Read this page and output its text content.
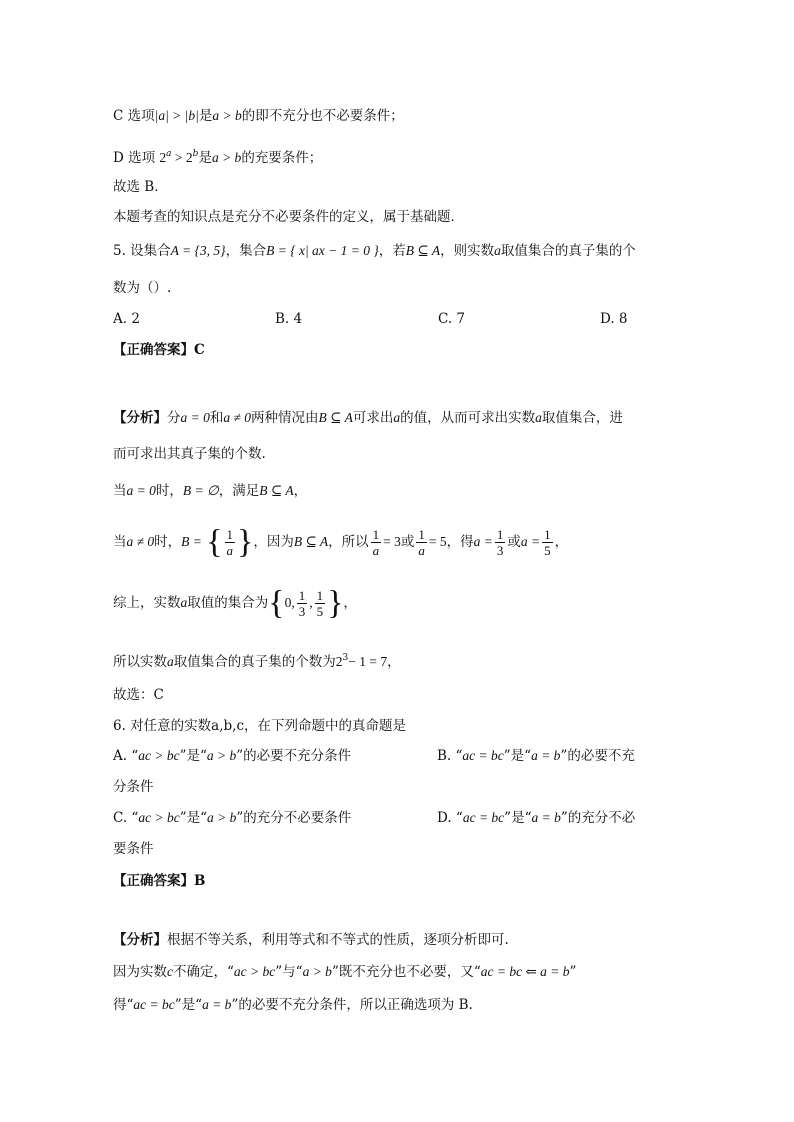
C 选项|a| > |b|是a > b的即不充分也不必要条件；
D 选项 $2^a > 2^b$是a > b的充要条件；
故选 B．
本题考查的知识点是充分不必要条件的定义，属于基础题．
5. 设集合A = {3, 5}，集合B = { x| ax − 1 = 0 }，若B ⊆ A，则实数a取值集合的真子集的个
数为（）.
A. 2	B. 4	C. 7	D. 8
【正确答案】C
【分析】分a = 0和a ≠ 0两种情况由B ⊆ A可求出a的值，从而可求出实数a取值集合，进
而可求出其真子集的个数.
当a = 0时，B = ∅，满足B ⊆ A，
当a ≠ 0时，B = { $\frac{1}{a}$ }，因为B ⊆ A，所以 $\frac{1}{a} = 3$或 $\frac{1}{a} = 5$，得$a = \frac{1}{3}$ 或$a = \frac{1}{5}$ ，
综上，实数a取值的集合为{0, $\frac{1}{3}$ , $\frac{1}{5}$ }，
所以实数a取值集合的真子集的个数为$2^3- 1 = 7$，
故选：C
6. 对任意的实数a,b,c，在下列命题中的真命题是
A. “ac > bc”是“a > b”的必要不充分条件	B. “ac = bc”是“a = b”的必要不充
分条件
C. “ac > bc”是“a > b”的充分不必要条件	D. “ac = bc”是“a = b”的充分不必
要条件
【正确答案】B
【分析】根据不等关系，利用等式和不等式的性质，逐项分析即可.
因为实数c不确定，“ac > bc”与“a > b”既不充分也不必要，又“ac = bc ⇐ a = b”
得“ac = bc”是“a = b”的必要不充分条件，所以正确选项为 B.
